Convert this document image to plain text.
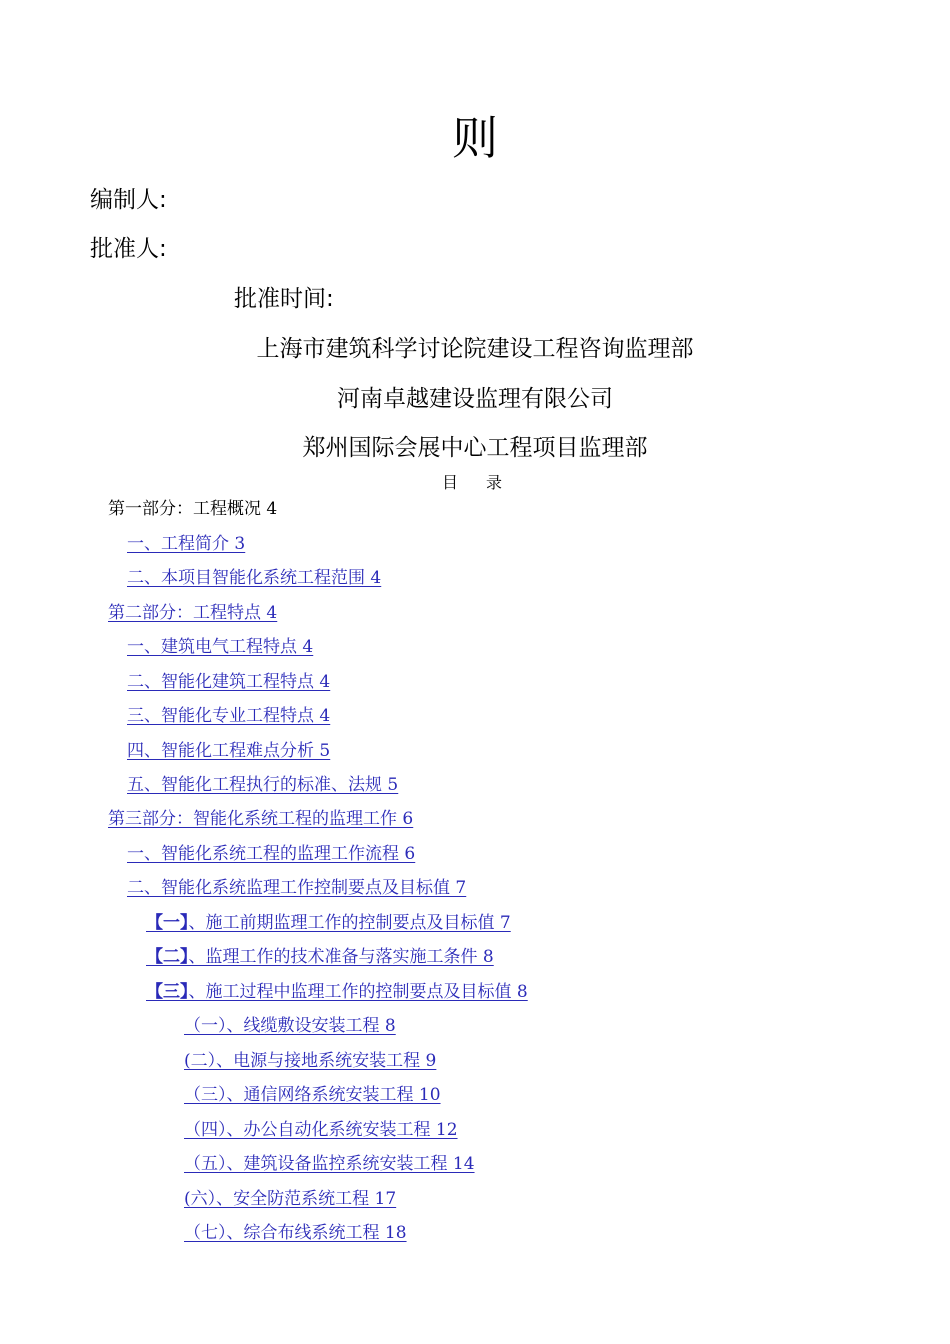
则
编制人:
批准人:
批准时间:
上海市建筑科学讨论院建设工程咨询监理部
河南卓越建设监理有限公司
郑州国际会展中心工程项目监理部
目 录
第一部分：工程概况 4
一、工程简介 3
二、本项目智能化系统工程范围 4
第二部分：工程特点 4
一、建筑电气工程特点 4
二、智能化建筑工程特点 4
三、智能化专业工程特点 4
四、智能化工程难点分析 5
五、智能化工程执行的标准、法规 5
第三部分：智能化系统工程的监理工作 6
一、智能化系统工程的监理工作流程 6
二、智能化系统监理工作控制要点及目标值 7
【一】、施工前期监理工作的控制要点及目标值 7
【二】、监理工作的技术准备与落实施工条件 8
【三】、施工过程中监理工作的控制要点及目标值 8
（一）、线缆敷设安装工程 8
(二）、电源与接地系统安装工程 9
（三）、通信网络系统安装工程 10
（四）、办公自动化系统安装工程 12
（五）、建筑设备监控系统安装工程 14
(六）、安全防范系统工程 17
（七）、综合布线系统工程 18
